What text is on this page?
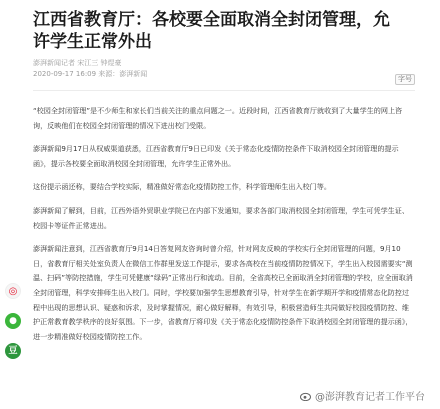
江西省教育厅：各校要全面取消全封闭管理，允许学生正常外出
澎湃新闻记者 宋江三 钟煜豪
2020-09-17 16:09 来源：澎湃新闻
字号

“校园全封闭管理”是不少师生和家长们当前关注的重点问题之一。近段时间，江西省教育厅就收到了大量学生的网上咨询，反映他们在校园全封闭管理的情况下进出校门受限。

澎湃新闻9月17日从权威渠道获悉，江西省教育厅9日已印发《关于常态化疫情防控条件下取消校园全封闭管理的提示函》，提示各校要全面取消校园全封闭管理，允许学生正常外出。

这份提示函还称，要结合学校实际，精准做好常态化疫情防控工作，科学管理师生出入校门等。

澎湃新闻了解到，目前，江西外语外贸职业学院已在内部下发通知，要求各部门取消校园全封闭管理，学生可凭学生证、校园卡等证件正常进出。

澎湃新闻注意到，江西省教育厅9月14日答复网友咨询时曾介绍，针对网友反映的学校实行全封闭管理的问题，9月10日，省教育厅相关处室负责人在微信工作群里发送工作提示，要求各高校在当前疫情防控情况下，学生出入校园需要实“测温、扫码”等防控措施，学生可凭健康“绿码”正常出行和流动。目前，全省高校已全面取消全封闭管理的学校，应全面取消全封闭管理，科学安排师生出入校门。同时，学校要加强学生思想教育引导，针对学生在新学期开学和疫情常态化防控过程中出现的思想认识、疑惑和诉求，及时掌握情况，耐心做好解释，有效引导，积极营造师生共同做好校园疫情防控、维护正常教育教学秩序的良好氛围。下一步，省教育厅将印发《关于常态化疫情防控条件下取消校园全封闭管理的提示函》，进一步精准做好校园疫情防控工作。

◎
●
豆
@澎湃教育记者工作平台
